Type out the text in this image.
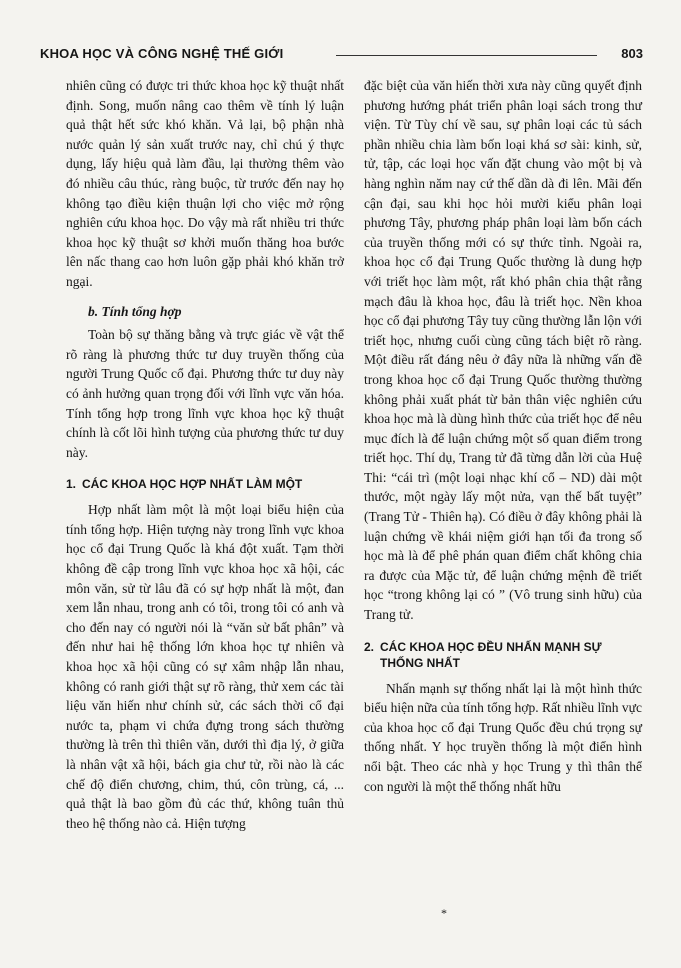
KHOA HỌC VÀ CÔNG NGHỆ THẾ GIỚI	803

nhiên cũng có được tri thức khoa học kỹ thuật nhất định. Song, muốn nâng cao thêm về tính lý luận quả thật hết sức khó khăn. Vả lại, bộ phận nhà nước quản lý sản xuất trước nay, chỉ chú ý thực dụng, lấy hiệu quả làm đầu, lại thường thêm vào đó nhiều câu thúc, ràng buộc, từ trước đến nay họ không tạo điều kiện thuận lợi cho việc mở rộng nghiên cứu khoa học. Do vậy mà rất nhiều tri thức khoa học kỹ thuật sơ khởi muốn thăng hoa bước lên nấc thang cao hơn luôn gặp phải khó khăn trở ngại.

b. Tính tổng hợp

Toàn bộ sự thăng bằng và trực giác về vật thể rõ ràng là phương thức tư duy truyền thống của người Trung Quốc cổ đại. Phương thức tư duy này có ảnh hưởng quan trọng đối với lĩnh vực văn hóa. Tính tổng hợp trong lĩnh vực khoa học kỹ thuật chính là cốt lõi hình tượng của phương thức tư duy này.

1. CÁC KHOA HỌC HỢP NHẤT LÀM MỘT

Hợp nhất làm một là một loại biểu hiện của tính tổng hợp. Hiện tượng này trong lĩnh vực khoa học cổ đại Trung Quốc là khá đột xuất. Tạm thời không đề cập trong lĩnh vực khoa học xã hội, các môn văn, sử từ lâu đã có sự hợp nhất là một, đan xem lẫn nhau, trong anh có tôi, trong tôi có anh và cho đến nay có người nói là “văn sử bất phân” và đến như hai hệ thống lớn khoa học tự nhiên và khoa học xã hội cũng có sự xâm nhập lẫn nhau, không có ranh giới thật sự rõ ràng, thử xem các tài liệu văn hiến như chính sử, các sách thời cổ đại nước ta, phạm vi chứa đựng trong sách thường thường là trên thì thiên văn, dưới thì địa lý, ở giữa là nhân vật xã hội, bách gia chư tử, rồi nào là các chế độ điển chương, chim, thú, côn trùng, cá, ... quả thật là bao gồm đủ các thứ, không tuân thủ theo hệ thống nào cả. Hiện tượng

đặc biệt của văn hiến thời xưa này cũng quyết định phương hướng phát triển phân loại sách trong thư viện. Từ Tùy chí về sau, sự phân loại các tủ sách phần nhiều chia làm bốn loại khá sơ sài: kinh, sử, tử, tập, các loại học vấn đặt chung vào một bị và hàng nghìn năm nay cứ thế dần dà đi lên. Mãi đến cận đại, sau khi học hỏi mười kiểu phân loại phương Tây, phương pháp phân loại làm bốn cách của truyền thống mới có sự thức tỉnh. Ngoài ra, khoa học cổ đại Trung Quốc thường là dung hợp với triết học làm một, rất khó phân chia thật rằng mạch đâu là khoa học, đâu là triết học. Nền khoa học cổ đại phương Tây tuy cũng thường lẫn lộn với triết học, nhưng cuối cùng cũng tách biệt rõ ràng. Một điều rất đáng nêu ở đây nữa là những vấn đề trong khoa học cổ đại Trung Quốc thường thường không phải xuất phát từ bản thân việc nghiên cứu khoa học mà là dùng hình thức của triết học để nêu mục đích là để luận chứng một số quan điểm trong triết học. Thí dụ, Trang tử đã từng dẫn lời của Huệ Thi: “cái trì (một loại nhạc khí cổ – ND) dài một thước, một ngày lấy một nửa, vạn thế bất tuyệt” (Trang Tử - Thiên hạ). Có điều ở đây không phải là luận chứng về khái niệm giới hạn tối đa trong số học mà là để phê phán quan điểm chất không chia ra được của Mặc tử, để luận chứng mệnh đề triết học “trong không lại có ” (Vô trung sinh hữu) của Trang tử.

2. CÁC KHOA HỌC ĐỀU NHẤN MẠNH SỰ THỐNG NHẤT

Nhấn mạnh sự thống nhất lại là một hình thức biểu hiện nữa của tính tổng hợp. Rất nhiều lĩnh vực của khoa học cổ đại Trung Quốc đều chú trọng sự thống nhất. Y học truyền thống là một điển hình nổi bật. Theo các nhà y học Trung y thì thân thể con người là một thể thống nhất hữu

*
